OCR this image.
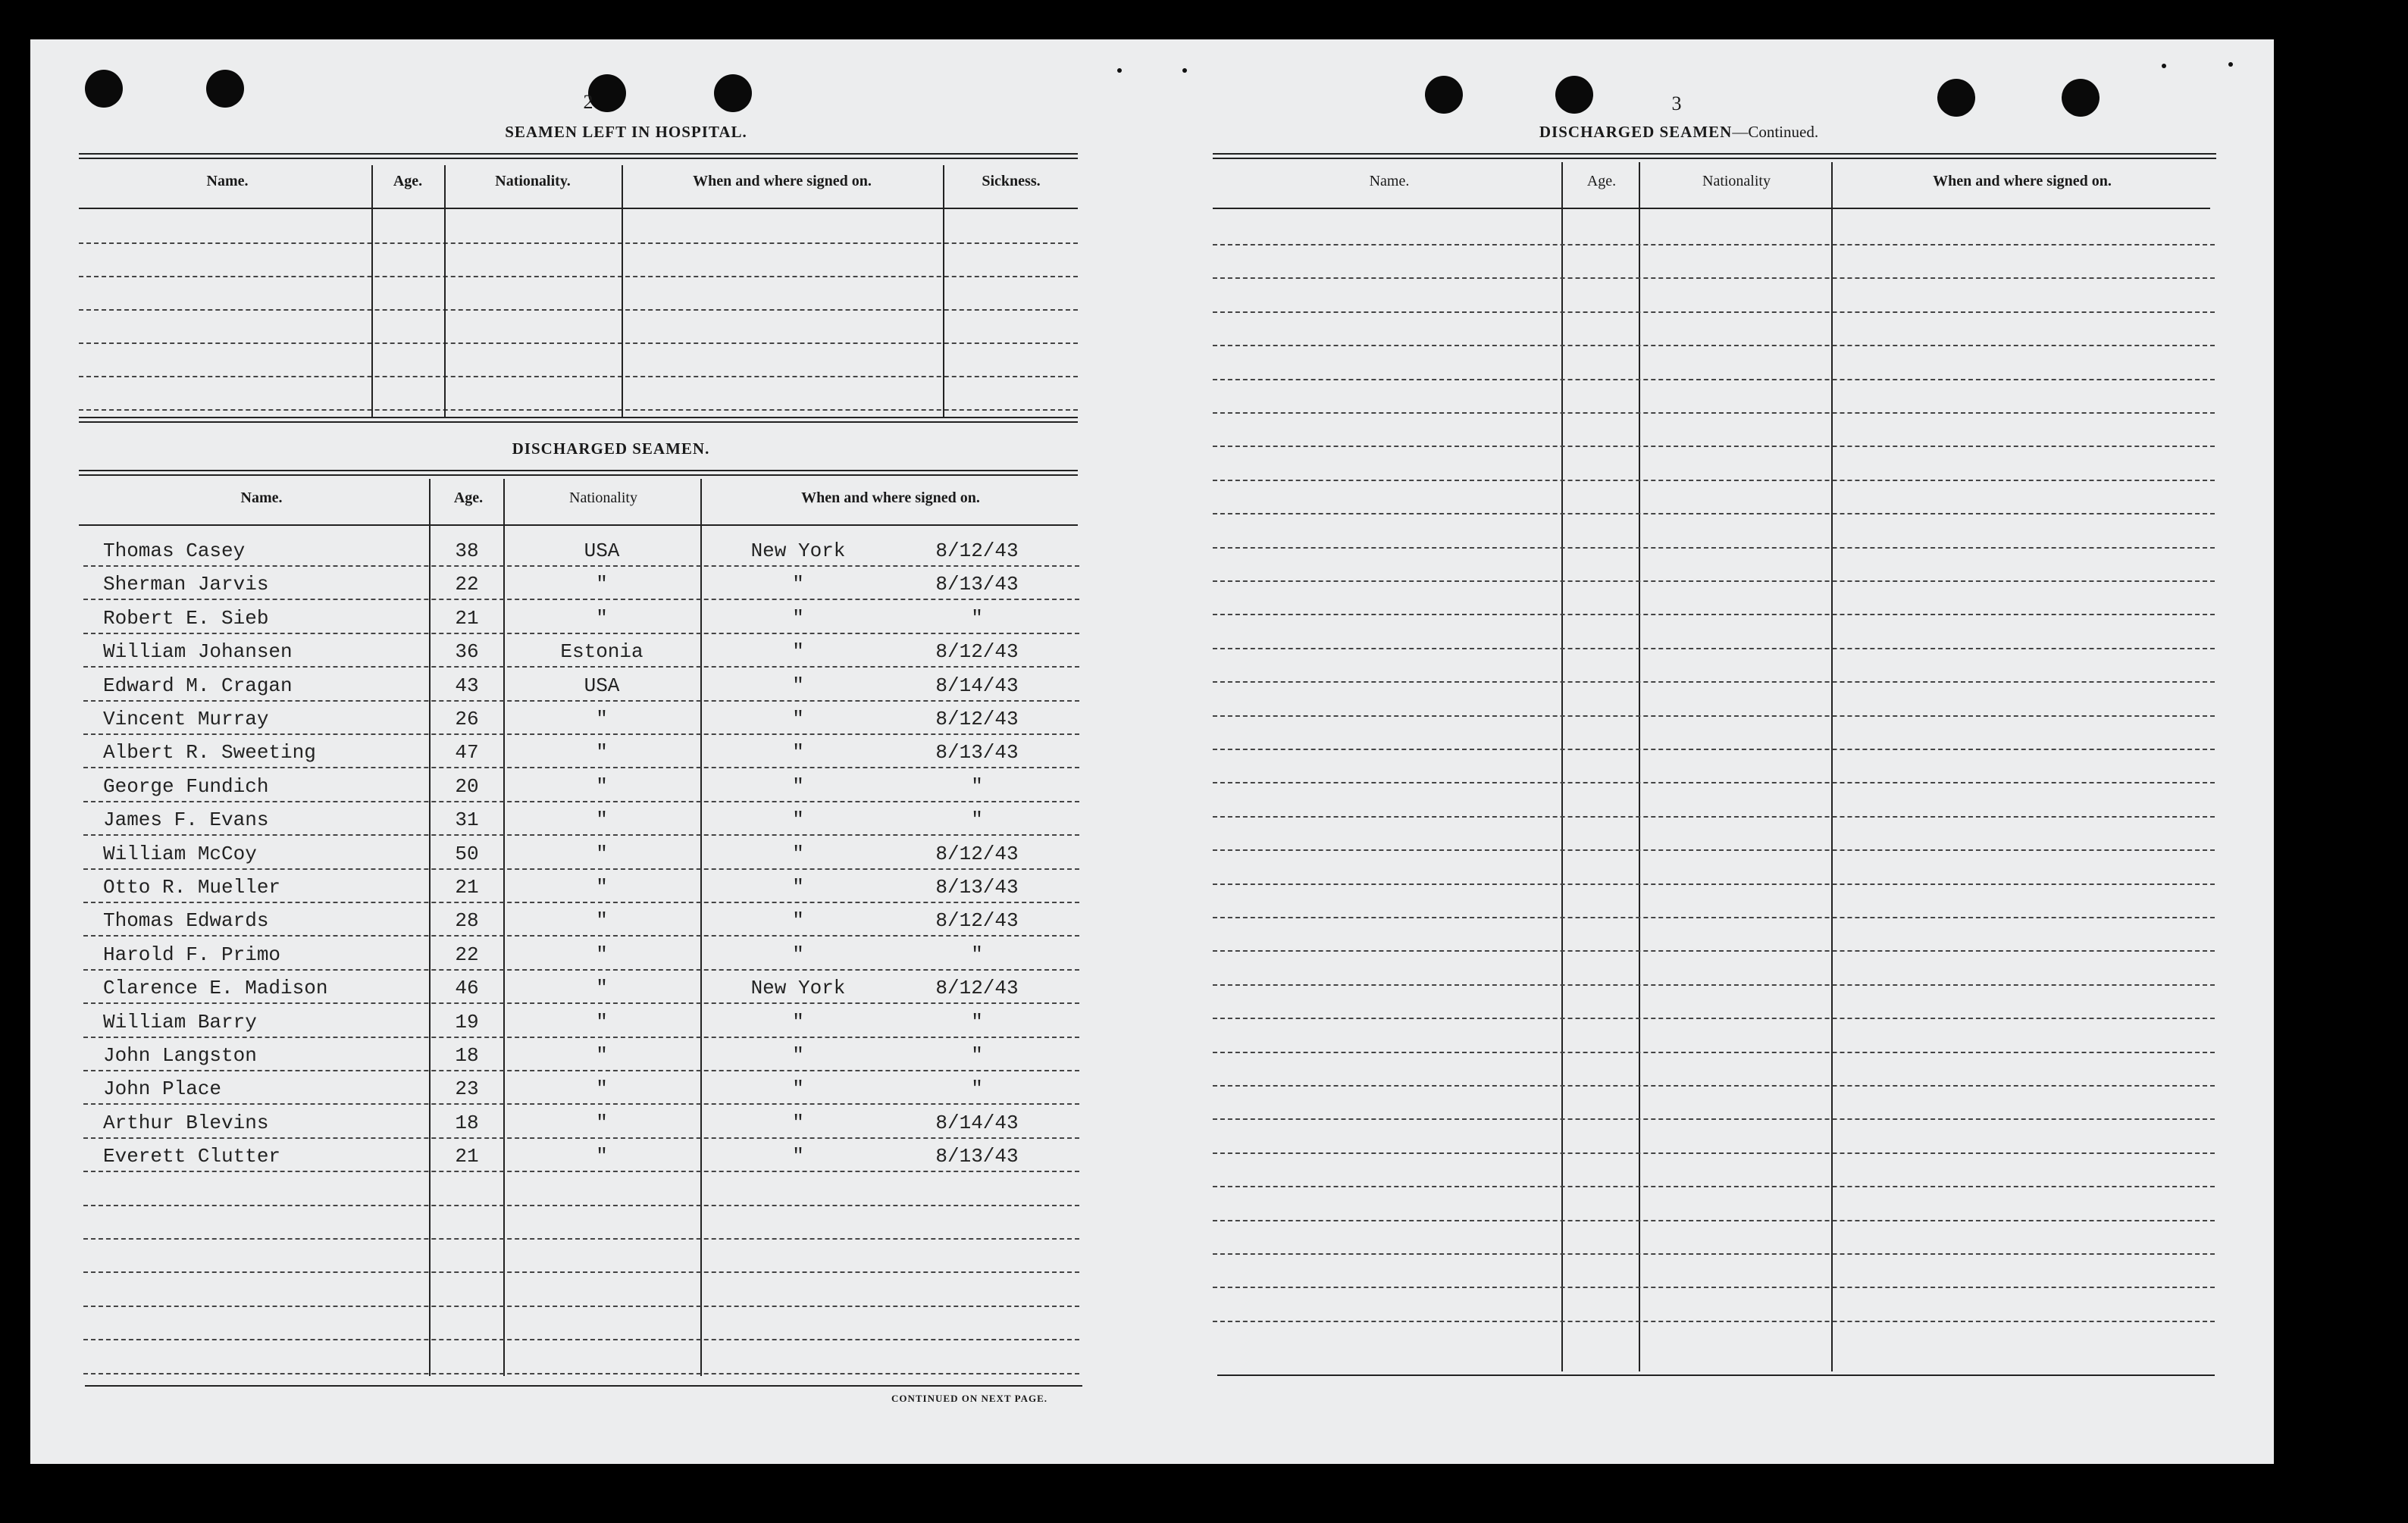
2
SEAMEN LEFT IN HOSPITAL.
Name.	Age.	Nationality.	When and where signed on.	Sickness.
DISCHARGED SEAMEN.
Name.	Age.	Nationality	When and where signed on.
Thomas Casey	38	USA	New York	8/12/43
Sherman Jarvis	22	"	"	8/13/43
Robert E. Sieb	21	"	"	"
William Johansen	36	Estonia	"	8/12/43
Edward M. Cragan	43	USA	"	8/14/43
Vincent Murray	26	"	"	8/12/43
Albert R. Sweeting	47	"	"	8/13/43
George Fundich	20	"	"	"
James F. Evans	31	"	"	"
William McCoy	50	"	"	8/12/43
Otto R. Mueller	21	"	"	8/13/43
Thomas Edwards	28	"	"	8/12/43
Harold F. Primo	22	"	"	"
Clarence E. Madison	46	"	New York	8/12/43
William Barry	19	"	"	"
John Langston	18	"	"	"
John Place	23	"	"	"
Arthur Blevins	18	"	"	8/14/43
Everett Clutter	21	"	"	8/13/43
CONTINUED ON NEXT PAGE.
3
DISCHARGED SEAMEN—Continued.
Name.	Age.	Nationality	When and where signed on.
